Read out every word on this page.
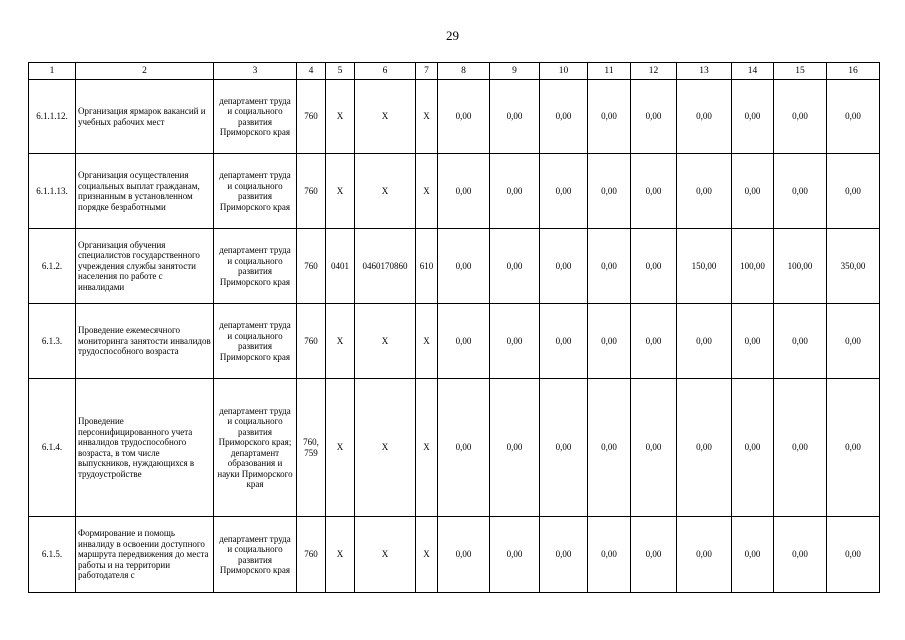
29
1	2	3	4	5	6	7	8	9	10	11	12	13	14	15	16
6.1.1.12.	Организация ярмарок вакансий и учебных рабочих мест	департамент труда и социального развития Приморского края	760	X	X	X	0,00	0,00	0,00	0,00	0,00	0,00	0,00	0,00	0,00
6.1.1.13.	Организация осуществления социальных выплат гражданам, признанным в установленном порядке безработными	департамент труда и социального развития Приморского края	760	X	X	X	0,00	0,00	0,00	0,00	0,00	0,00	0,00	0,00	0,00
6.1.2.	Организация обучения специалистов государственного учреждения службы занятости населения по работе с инвалидами	департамент труда и социального развития Приморского края	760	0401	0460170860	610	0,00	0,00	0,00	0,00	0,00	150,00	100,00	100,00	350,00
6.1.3.	Проведение ежемесячного мониторинга занятости инвалидов трудоспособного возраста	департамент труда и социального развития Приморского края	760	X	X	X	0,00	0,00	0,00	0,00	0,00	0,00	0,00	0,00	0,00
6.1.4.	Проведение персонифицированного учета инвалидов трудоспособного возраста, в том числе выпускников, нуждающихся в трудоустройстве	департамент труда и социального развития Приморского края; департамент образования и науки Приморского края	760, 759	X	X	X	0,00	0,00	0,00	0,00	0,00	0,00	0,00	0,00	0,00
6.1.5.	Формирование и помощь инвалиду в освоении доступного маршрута передвижения до места работы и на территории работодателя с	департамент труда и социального развития Приморского края	760	X	X	X	0,00	0,00	0,00	0,00	0,00	0,00	0,00	0,00	0,00
